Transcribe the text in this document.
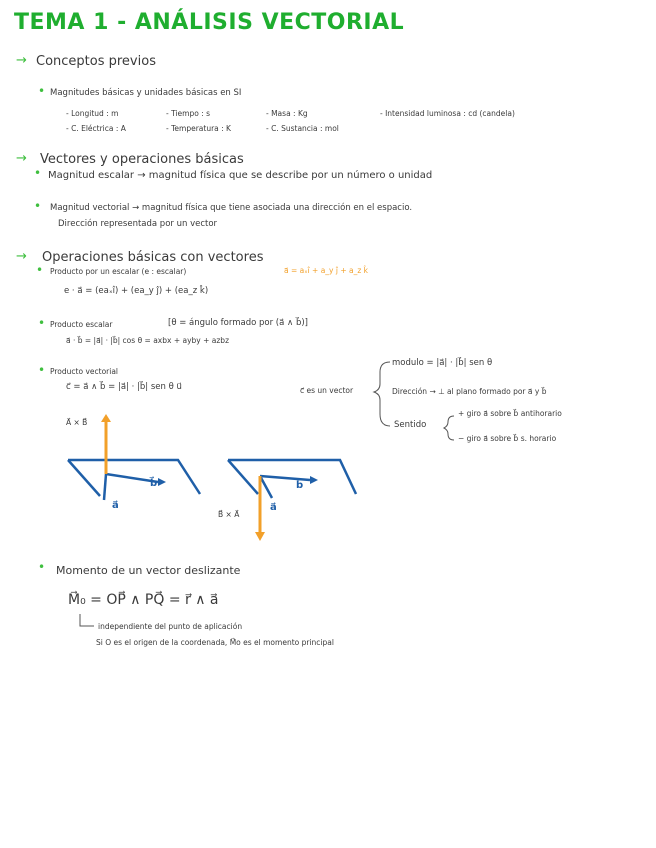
TEMA 1 - ANÁLISIS VECTORIAL
→ Conceptos previos
• Magnitudes básicas y unidades básicas en SI
- Longitud : m	- Tiempo : s	- Masa : Kg	- Intensidad luminosa : cd (candela)
- C. Eléctrica : A	- Temperatura : K	- C. Sustancia : mol
→ Vectores y operaciones básicas
• Magnitud escalar → magnitud física que se describe por un número o unidad
• Magnitud vectorial → magnitud física que tiene asociada una dirección en el espacio.
Dirección representada por un vector
→ Operaciones básicas con vectores
• Producto por un escalar (e : escalar)	a⃗ = aₓî + a_y ĵ + a_z k̂
e · a⃗ = (eaₓî) + (ea_y ĵ) + (ea_z k̂)
• Producto escalar	[θ = ángulo formado por (a⃗ ∧ b⃗)]
a⃗ · b⃗ = |a⃗| · |b⃗| cos θ = axbx + ayby + azbz
• Producto vectorial
c⃗ = a⃗ ∧ b⃗ = |a⃗| · |b⃗| sen θ u⃗	c⃗ es un vector
modulo = |a⃗| · |b⃗| sen θ
Dirección → ⊥ al plano formado por a⃗ y b⃗
Sentido
+ giro a⃗ sobre b⃗ antihorario
− giro a⃗ sobre b⃗ s. horario
A⃗ × B⃗
a⃗
b⃗
B⃗ × A⃗
a⃗
b⃗
• Momento de un vector deslizante
M⃗₀ = OP⃗ ∧ PQ⃗ = r⃗ ∧ a⃗
independiente del punto de aplicación
Si O es el origen de la coordenada, M⃗o es el momento principal
